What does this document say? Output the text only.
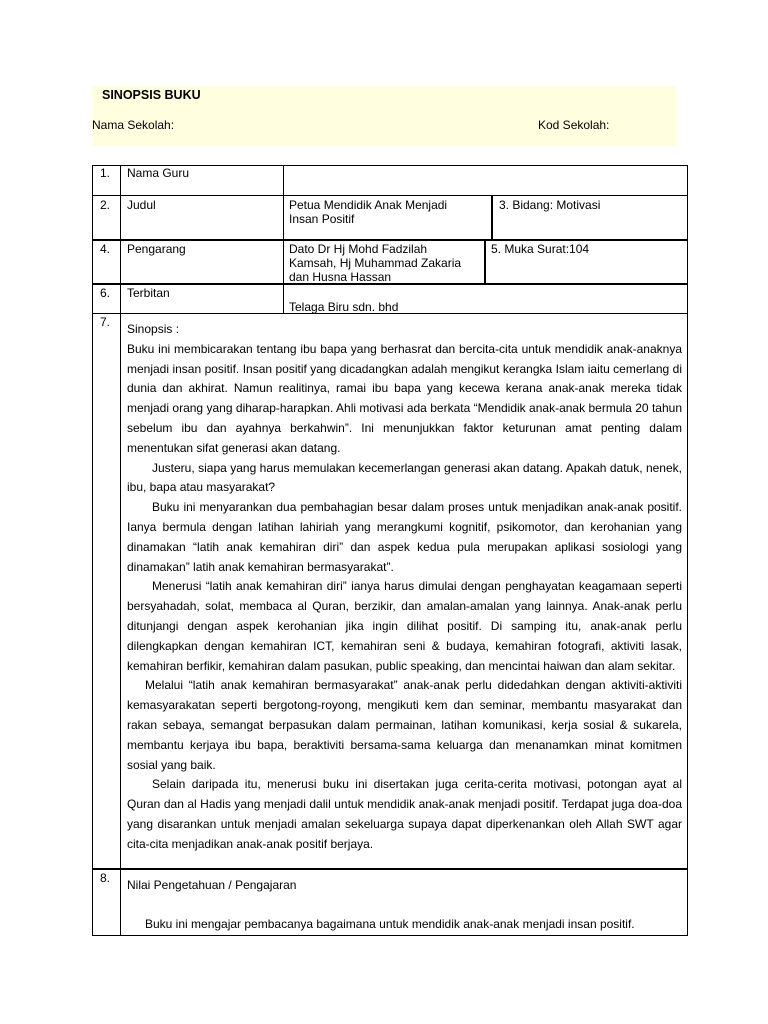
SINOPSIS BUKU
Nama Sekolah:	Kod Sekolah:
1. Nama Guru
2. Judul	Petua Mendidik Anak Menjadi
Insan Positif
3. Bidang: Motivasi
4. Pengarang	Dato Dr Hj Mohd Fadzilah
Kamsah, Hj Muhammad Zakaria
dan Husna Hassan
5. Muka Surat:104
6. Terbitan
Telaga Biru sdn. bhd
7. Sinopsis :

Buku ini membicarakan tentang ibu bapa yang berhasrat dan bercita-cita untuk mendidik anak-anaknya menjadi insan positif. Insan positif yang dicadangkan adalah mengikut kerangka Islam iaitu cemerlang di dunia dan akhirat. Namun realitinya, ramai ibu bapa yang kecewa kerana anak-anak mereka tidak menjadi orang yang diharap-harapkan. Ahli motivasi ada berkata “Mendidik anak-anak bermula 20 tahun sebelum ibu dan ayahnya berkahwin”. Ini menunjukkan faktor keturunan amat penting dalam menentukan sifat generasi akan datang.

Justeru, siapa yang harus memulakan kecemerlangan generasi akan datang. Apakah datuk, nenek, ibu, bapa atau masyarakat?

Buku ini menyarankan dua pembahagian besar dalam proses untuk menjadikan anak-anak positif. Ianya bermula dengan latihan lahiriah yang merangkumi kognitif, psikomotor, dan kerohanian yang dinamakan “latih anak kemahiran diri” dan aspek kedua pula merupakan aplikasi sosiologi yang dinamakan” latih anak kemahiran bermasyarakat”.

Menerusi “latih anak kemahiran diri” ianya harus dimulai dengan penghayatan keagamaan seperti bersyahadah, solat, membaca al Quran, berzikir, dan amalan-amalan yang lainnya. Anak-anak perlu ditunjangi dengan aspek kerohanian jika ingin dilihat positif. Di samping itu, anak-anak perlu dilengkapkan dengan kemahiran ICT, kemahiran seni & budaya, kemahiran fotografi, aktiviti lasak, kemahiran berfikir, kemahiran dalam pasukan, public speaking, dan mencintai haiwan dan alam sekitar.

Melalui “latih anak kemahiran bermasyarakat” anak-anak perlu didedahkan dengan aktiviti-aktiviti kemasyarakatan seperti bergotong-royong, mengikuti kem dan seminar, membantu masyarakat dan rakan sebaya, semangat berpasukan dalam permainan, latihan komunikasi, kerja sosial & sukarela, membantu kerjaya ibu bapa, beraktiviti bersama-sama keluarga dan menanamkan minat komitmen sosial yang baik.

Selain daripada itu, menerusi buku ini disertakan juga cerita-cerita motivasi, potongan ayat al Quran dan al Hadis yang menjadi dalil untuk mendidik anak-anak menjadi positif. Terdapat juga doa-doa yang disarankan untuk menjadi amalan sekeluarga supaya dapat diperkenankan oleh Allah SWT agar cita-cita menjadikan anak-anak positif berjaya.

8. Nilai Pengetahuan / Pengajaran
Buku ini mengajar pembacanya bagaimana untuk mendidik anak-anak menjadi insan positif.
